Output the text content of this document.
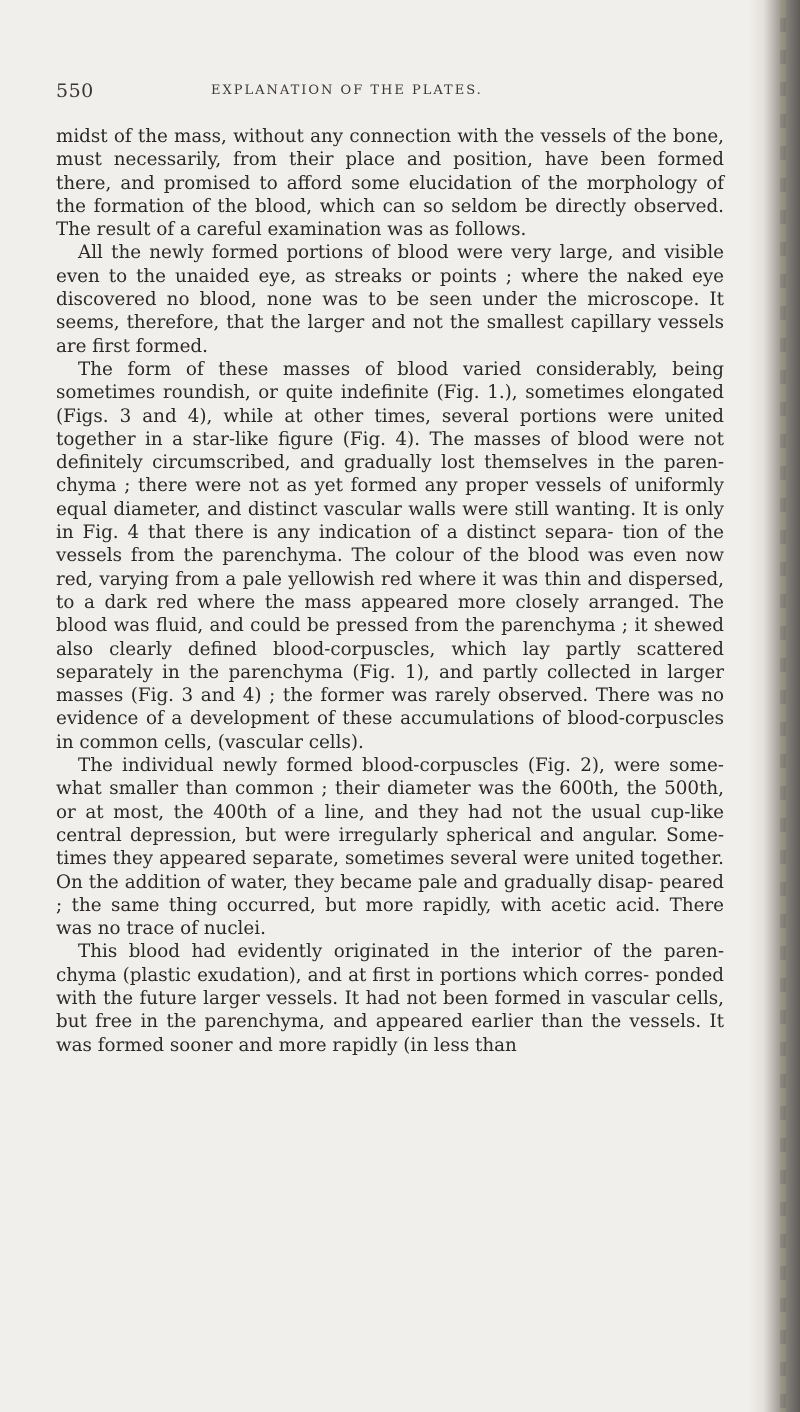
550	EXPLANATION OF THE PLATES.

midst of the mass, without any connection with the vessels of the bone, must necessarily, from their place and position, have been formed there, and promised to afford some elucidation of the morphology of the formation of the blood, which can so seldom be directly observed. The result of a careful examination was as follows.

All the newly formed portions of blood were very large, and visible even to the unaided eye, as streaks or points ; where the naked eye discovered no blood, none was to be seen under the microscope. It seems, therefore, that the larger and not the smallest capillary vessels are first formed.

The form of these masses of blood varied considerably, being sometimes roundish, or quite indefinite (Fig. 1.), sometimes elongated (Figs. 3 and 4), while at other times, several portions were united together in a star-like figure (Fig. 4). The masses of blood were not definitely circumscribed, and gradually lost themselves in the paren- chyma ; there were not as yet formed any proper vessels of uniformly equal diameter, and distinct vascular walls were still wanting. It is only in Fig. 4 that there is any indication of a distinct separa- tion of the vessels from the parenchyma. The colour of the blood was even now red, varying from a pale yellowish red where it was thin and dispersed, to a dark red where the mass appeared more closely arranged. The blood was fluid, and could be pressed from the parenchyma ; it shewed also clearly defined blood-corpuscles, which lay partly scattered separately in the parenchyma (Fig. 1), and partly collected in larger masses (Fig. 3 and 4) ; the former was rarely observed. There was no evidence of a development of these accumulations of blood-corpuscles in common cells, (vascular cells).

The individual newly formed blood-corpuscles (Fig. 2), were some- what smaller than common ; their diameter was the 600th, the 500th, or at most, the 400th of a line, and they had not the usual cup-like central depression, but were irregularly spherical and angular. Some- times they appeared separate, sometimes several were united together. On the addition of water, they became pale and gradually disap- peared ; the same thing occurred, but more rapidly, with acetic acid. There was no trace of nuclei.

This blood had evidently originated in the interior of the paren- chyma (plastic exudation), and at first in portions which corres- ponded with the future larger vessels. It had not been formed in vascular cells, but free in the parenchyma, and appeared earlier than the vessels. It was formed sooner and more rapidly (in less than
